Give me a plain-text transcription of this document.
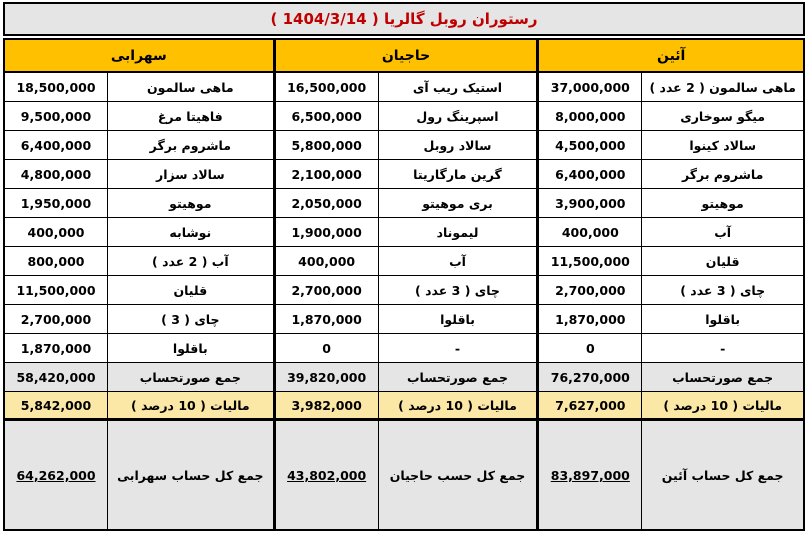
رستوران روبل گالریا ( 1404/3/14 )
آئین
ماهی سالمون ( 2 عدد )
37,000,000
میگو سوخاری
8,000,000
سالاد کینوا
4,500,000
ماشروم برگر
6,400,000
موهیتو
3,900,000
آب
400,000
قلیان
11,500,000
چای ( 3 عدد )
2,700,000
باقلوا
1,870,000
-
0
جمع صورتحساب
76,270,000
مالیات ( 10 درصد )
7,627,000
جمع کل حساب آئین
83,897,000
حاجیان
استیک ریب آی
16,500,000
اسپرینگ رول
6,500,000
سالاد روبل
5,800,000
گرین مارگاریتا
2,100,000
بری موهیتو
2,050,000
لیموناد
1,900,000
آب
400,000
چای ( 3 عدد )
2,700,000
باقلوا
1,870,000
-
0
جمع صورتحساب
39,820,000
مالیات ( 10 درصد )
3,982,000
جمع کل حسب حاجیان
43,802,000
سهرابی
ماهی سالمون
18,500,000
فاهیتا مرغ
9,500,000
ماشروم برگر
6,400,000
سالاد سزار
4,800,000
موهیتو
1,950,000
نوشابه
400,000
آب ( 2 عدد )
800,000
قلیان
11,500,000
چای ( 3 )
2,700,000
باقلوا
1,870,000
جمع صورتحساب
58,420,000
مالیات ( 10 درصد )
5,842,000
جمع کل حساب سهرابی
64,262,000
